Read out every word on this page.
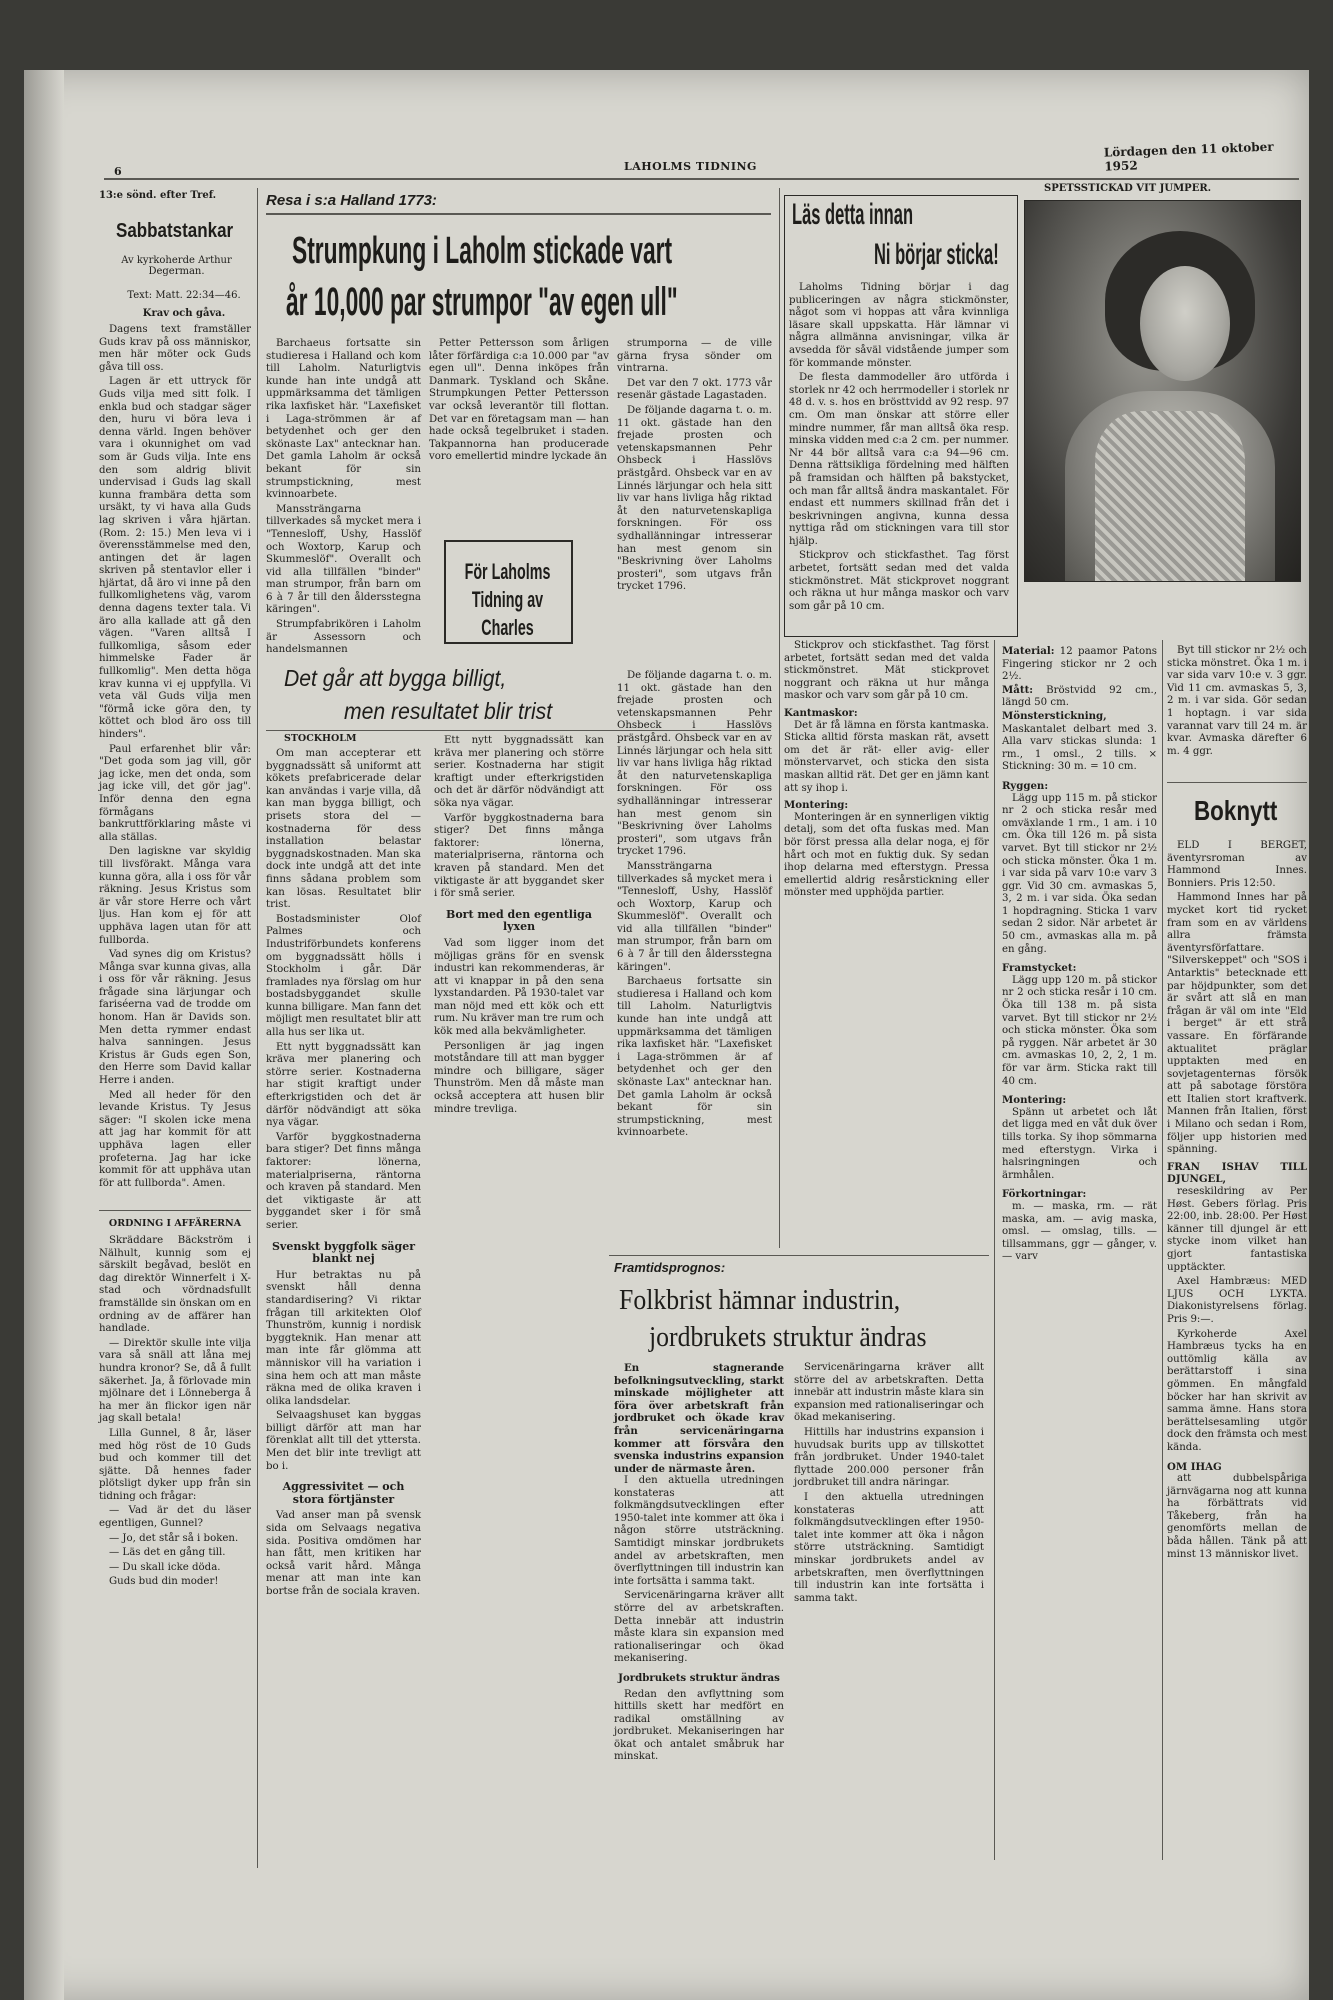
6	LAHOLMS TIDNING
Lördagen den 11 oktober 1952
13:e sönd. efter Tref.
Sabbatstankar
Av kyrkoherde Arthur Degerman.
Text: Matt. 22:34—46.
Krav och gåva.

Dagens text framställer Guds krav på oss människor, men här möter ock Guds gåva till oss.

Lagen är ett uttryck för Guds vilja med sitt folk. I enkla bud och stadgar säger den, huru vi böra leva i denna värld. Ingen behöver vara i okunnighet om vad som är Guds vilja. Inte ens den som aldrig blivit undervisad i Guds lag skall kunna frambära detta som ursäkt, ty vi hava alla Guds lag skriven i våra hjärtan. (Rom. 2: 15.) Men leva vi i överensstämmelse med den, antingen det är lagen skriven på stentavlor eller i hjärtat, då äro vi inne på den fullkomlighetens väg, varom denna dagens texter tala. Vi äro alla kallade att gå den vägen. "Varen alltså I fullkomliga, såsom eder himmelske Fader är fullkomlig". Men detta höga krav kunna vi ej uppfylla. Vi veta väl Guds vilja men "förmå icke göra den, ty köttet och blod äro oss till hinders".

Paul erfarenhet blir vår: "Det goda som jag vill, gör jag icke, men det onda, som jag icke vill, det gör jag". Inför denna den egna förmågans bankruttförklaring måste vi alla ställas.

Den lagiskne var skyldig till livsförakt. Många vara kunna göra, alla i oss för vår räkning. Jesus Kristus som är vår store Herre och vårt ljus. Han kom ej för att upphäva lagen utan för att fullborda.

Vad synes dig om Kristus? Många svar kunna givas, alla i oss för vår räkning. Jesus frågade sina lärjungar och fariséerna vad de trodde om honom. Han är Davids son. Men detta rymmer endast halva sanningen. Jesus Kristus är Guds egen Son, den Herre som David kallar Herre i anden.

Med all heder för den levande Kristus. Ty Jesus säger: "I skolen icke mena att jag har kommit för att upphäva lagen eller profeterna. Jag har icke kommit för att upphäva utan för att fullborda". Amen.

ORDNING I AFFÄRERNA

Skräddare Bäckström i Nälhult, kunnig som ej särskilt begåvad, beslöt en dag direktör Winnerfelt i X-stad och vördnadsfullt framställde sin önskan om en ordning av de affärer han handlade.

— Direktör skulle inte vilja vara så snäll att låna mej hundra kronor? Se, då å fullt säkerhet. Ja, å förlovade min mjölnare det i Lönneberga å ha mer än flickor igen när jag skall betala!

Lilla Gunnel, 8 år, läser med hög röst de 10 Guds bud och kommer till det sjätte. Då hennes fader plötsligt dyker upp från sin tidning och frågar:

— Vad är det du läser egentligen, Gunnel?

— Jo, det står så i boken.

— Läs det en gång till.

— Du skall icke döda.

Guds bud din moder!

Resa i s:a Halland 1773:
Strumpkung i Laholm stickade vart
år 10,000 par strumpor "av egen ull"

Barchaeus fortsatte sin studieresa i Halland och kom till Laholm. Naturligtvis kunde han inte undgå att uppmärksamma det tämligen rika laxfisket här. "Laxefisket i Laga-strömmen är af betydenhet och ger den skönaste Lax" antecknar han. Det gamla Laholm är också bekant för sin strumpstickning, mest kvinnoarbete.

Manssträngarna tillverkades så mycket mera i "Tennesloff, Ushy, Hasslöf och Woxtorp, Karup och Skummeslöf". Overallt och vid alla tillfällen "binder" man strumpor, från barn om 6 à 7 år till den åldersstegna käringen".

Strumpfabrikören i Laholm är Assessorn och handelsmannen

Petter Pettersson som årligen låter förfärdiga c:a 10.000 par "av egen ull". Denna inköpes från Danmark. Tyskland och Skåne. Strumpkungen Petter Pettersson var också leverantör till flottan. Det var en företagsam man — han hade också tegelbruket i staden. Takpannorna han producerade voro emellertid mindre lyckade än

För Laholms Tidning av Charles

strumporna — de ville gärna frysa sönder om vintrarna.

Det var den 7 okt. 1773 vår resenär gästade Lagastaden.

De följande dagarna t. o. m. 11 okt. gästade han den frejade prosten och vetenskapsmannen Pehr Ohsbeck i Hasslövs prästgård. Ohsbeck var en av Linnés lärjungar och hela sitt liv var hans livliga håg riktad åt den naturvetenskapliga forskningen. För oss sydhallänningar intresserar han mest genom sin "Beskrivning över Laholms prosteri", som utgavs från trycket 1796.

Det går att bygga billigt,
men resultatet blir trist
STOCKHOLM

Om man accepterar ett byggnadssätt så uniformt att kökets prefabricerade delar kan användas i varje villa, då kan man bygga billigt, och prisets stora del — kostnaderna för dess installation belastar byggnadskostnaden. Man ska dock inte undgå att det inte finns sådana problem som kan lösas. Resultatet blir trist.

Bostadsminister Olof Palmes och Industriförbundets konferens om byggnadssätt hölls i Stockholm i går. Där framlades nya förslag om hur bostadsbyggandet skulle kunna billigare. Man fann det möjligt men resultatet blir att alla hus ser lika ut.

Ett nytt byggnadssätt kan kräva mer planering och större serier. Kostnaderna har stigit kraftigt under efterkrigstiden och det är därför nödvändigt att söka nya vägar.

Varför byggkostnaderna bara stiger? Det finns många faktorer: lönerna, materialpriserna, räntorna och kraven på standard. Men det viktigaste är att byggandet sker i för små serier.

Svenskt byggfolk säger blankt nej

Hur betraktas nu på svenskt håll denna standardisering? Vi riktar frågan till arkitekten Olof Thunström, kunnig i nordisk byggteknik. Han menar att man inte får glömma att människor vill ha variation i sina hem och att man måste räkna med de olika kraven i olika landsdelar.

Selvaagshuset kan byggas billigt därför att man har förenklat allt till det yttersta. Men det blir inte trevligt att bo i.

Aggressivitet — och stora förtjänster

Vad anser man på svensk sida om Selvaags negativa sida. Positiva omdömen har han fått, men kritiken har också varit hård. Många menar att man inte kan bortse från de sociala kraven.

Ett nytt byggnadssätt kan kräva mer planering och större serier. Kostnaderna har stigit kraftigt under efterkrigstiden och det är därför nödvändigt att söka nya vägar.

Varför byggkostnaderna bara stiger? Det finns många faktorer: lönerna, materialpriserna, räntorna och kraven på standard. Men det viktigaste är att byggandet sker i för små serier.

Bort med den egentliga lyxen

Vad som ligger inom det möjligas gräns för en svensk industri kan rekommenderas, är att vi knappar in på den sena lyxstandarden. På 1930-talet var man nöjd med ett kök och ett rum. Nu kräver man tre rum och kök med alla bekvämligheter.

Personligen är jag ingen motståndare till att man bygger mindre och billigare, säger Thunström. Men då måste man också acceptera att husen blir mindre trevliga.

De följande dagarna t. o. m. 11 okt. gästade han den frejade prosten och vetenskapsmannen Pehr Ohsbeck i Hasslövs prästgård. Ohsbeck var en av Linnés lärjungar och hela sitt liv var hans livliga håg riktad åt den naturvetenskapliga forskningen. För oss sydhallänningar intresserar han mest genom sin "Beskrivning över Laholms prosteri", som utgavs från trycket 1796.

Manssträngarna tillverkades så mycket mera i "Tennesloff, Ushy, Hasslöf och Woxtorp, Karup och Skummeslöf". Overallt och vid alla tillfällen "binder" man strumpor, från barn om 6 à 7 år till den åldersstegna käringen".

Barchaeus fortsatte sin studieresa i Halland och kom till Laholm. Naturligtvis kunde han inte undgå att uppmärksamma det tämligen rika laxfisket här. "Laxefisket i Laga-strömmen är af betydenhet och ger den skönaste Lax" antecknar han. Det gamla Laholm är också bekant för sin strumpstickning, mest kvinnoarbete.

Läs detta innan
Ni börjar sticka!

Laholms Tidning börjar i dag publiceringen av några stickmönster, något som vi hoppas att våra kvinnliga läsare skall uppskatta. Här lämnar vi några allmänna anvisningar, vilka är avsedda för såväl vidstående jumper som för kommande mönster.

De flesta dammodeller äro utförda i storlek nr 42 och herrmodeller i storlek nr 48 d. v. s. hos en brösttvidd av 92 resp. 97 cm. Om man önskar att större eller mindre nummer, får man alltså öka resp. minska vidden med c:a 2 cm. per nummer. Nr 44 bör alltså vara c:a 94—96 cm. Denna rättsikliga fördelning med hälften på framsidan och hälften på bakstycket, och man får alltså ändra maskantalet. För endast ett nummers skillnad från det i beskrivningen angivna, kunna dessa nyttiga råd om stickningen vara till stor hjälp.

Stickprov och stickfasthet. Tag först arbetet, fortsätt sedan med det valda stickmönstret. Mät stickprovet noggrant och räkna ut hur många maskor och varv som går på 10 cm.

Stickprov och stickfasthet. Tag först arbetet, fortsätt sedan med det valda stickmönstret. Mät stickprovet noggrant och räkna ut hur många maskor och varv som går på 10 cm.

Kantmaskor:

Det är få lämna en första kantmaska. Sticka alltid första maskan rät, avsett om det är rät- eller avig- eller mönstervarvet, och sticka den sista maskan alltid rät. Det ger en jämn kant att sy ihop i.

Montering:

Monteringen är en synnerligen viktig detalj, som det ofta fuskas med. Man bör först pressa alla delar noga, ej för hårt och mot en fuktig duk. Sy sedan ihop delarna med efterstygn. Pressa emellertid aldrig resårstickning eller mönster med upphöjda partier.

SPETSSTICKAD VIT JUMPER.
Material: 12 paamor Patons Fingering stickor nr 2 och 2½.
Mått: Bröstvidd 92 cm., längd 50 cm.
Mönsterstickning, Maskantalet delbart med 3. Alla varv stickas slunda: 1 rm., 1 omsl., 2 tills. × Stickning: 30 m. = 10 cm.
Ryggen:

Lägg upp 115 m. på stickor nr 2 och sticka resår med omväxlande 1 rm., 1 am. i 10 cm. Öka till 126 m. på sista varvet. Byt till stickor nr 2½ och sticka mönster. Öka 1 m. i var sida på varv 10:e varv 3 ggr. Vid 30 cm. avmaskas 5, 3, 2 m. i var sida. Öka sedan 1 hopdragning. Sticka 1 varv sedan 2 sidor. När arbetet är 50 cm., avmaskas alla m. på en gång.

Framstycket:

Lägg upp 120 m. på stickor nr 2 och sticka resår i 10 cm. Öka till 138 m. på sista varvet. Byt till stickor nr 2½ och sticka mönster. Öka som på ryggen. När arbetet är 30 cm. avmaskas 10, 2, 2, 1 m. för var ärm. Sticka rakt till 40 cm.

Montering:

Spänn ut arbetet och låt det ligga med en våt duk över tills torka. Sy ihop sömmarna med efterstygn. Virka i halsringningen och ärmhålen.

Förkortningar:

m. — maska, rm. — rät maska, am. — avig maska, omsl. — omslag, tills. — tillsammans, ggr — gånger, v. — varv

Byt till stickor nr 2½ och sticka mönstret. Öka 1 m. i var sida varv 10:e v. 3 ggr. Vid 11 cm. avmaskas 5, 3, 2 m. i var sida. Gör sedan 1 hoptagn. i var sida varannat varv till 24 m. är kvar. Avmaska därefter 6 m. 4 ggr.

Boknytt

ELD I BERGET, äventyrsroman av Hammond Innes. Bonniers. Pris 12:50.

Hammond Innes har på mycket kort tid rycket fram som en av världens allra främsta äventyrsförfattare. "Silverskeppet" och "SOS i Antarktis" betecknade ett par höjdpunkter, som det är svårt att slå en man frågan är väl om inte "Eld i berget" är ett strå vassare. En förfärande aktualitet präglar upptakten med en sovjetagenternas försök att på sabotage förstöra ett Italien stort kraftverk. Mannen från Italien, först i Milano och sedan i Rom, följer upp historien med spänning.

FRAN ISHAV TILL DJUNGEL,

reseskildring av Per Høst. Gebers förlag. Pris 22:00, inb. 28:00. Per Høst känner till djungel är ett stycke inom vilket han gjort fantastiska upptäckter.

Axel Hambræus: MED LJUS OCH LYKTA. Diakonistyrelsens förlag. Pris 9:—.

Kyrkoherde Axel Hambræus tycks ha en outtömlig källa av berättarstoff i sina gömmen. En mångfald böcker har han skrivit av samma ämne. Hans stora berättelsesamling utgör dock den främsta och mest kända.

OM IHAG

att dubbelspåriga järnvägarna nog att kunna ha förbättrats vid Tåkeberg, från ha genomförts mellan de båda hållen. Tänk på att minst 13 människor livet.

Framtidsprognos:
Folkbrist hämnar industrin,
jordbrukets struktur ändras

En stagnerande befolkningsutveckling, starkt minskade möjligheter att föra över arbetskraft från jordbruket och ökade krav från servicenäringarna kommer att försvåra den svenska industrins expansion under de närmaste åren.

I den aktuella utredningen konstateras att folkmängdsutvecklingen efter 1950-talet inte kommer att öka i någon större utsträckning. Samtidigt minskar jordbrukets andel av arbetskraften, men överflyttningen till industrin kan inte fortsätta i samma takt.

Servicenäringarna kräver allt större del av arbetskraften. Detta innebär att industrin måste klara sin expansion med rationaliseringar och ökad mekanisering.

Jordbrukets struktur ändras

Redan den avflyttning som hittills skett har medfört en radikal omställning av jordbruket. Mekaniseringen har ökat och antalet småbruk har minskat.

Servicenäringarna kräver allt större del av arbetskraften. Detta innebär att industrin måste klara sin expansion med rationaliseringar och ökad mekanisering.

Hittills har industrins expansion i huvudsak burits upp av tillskottet från jordbruket. Under 1940-talet flyttade 200.000 personer från jordbruket till andra näringar.

I den aktuella utredningen konstateras att folkmängdsutvecklingen efter 1950-talet inte kommer att öka i någon större utsträckning. Samtidigt minskar jordbrukets andel av arbetskraften, men överflyttningen till industrin kan inte fortsätta i samma takt.
